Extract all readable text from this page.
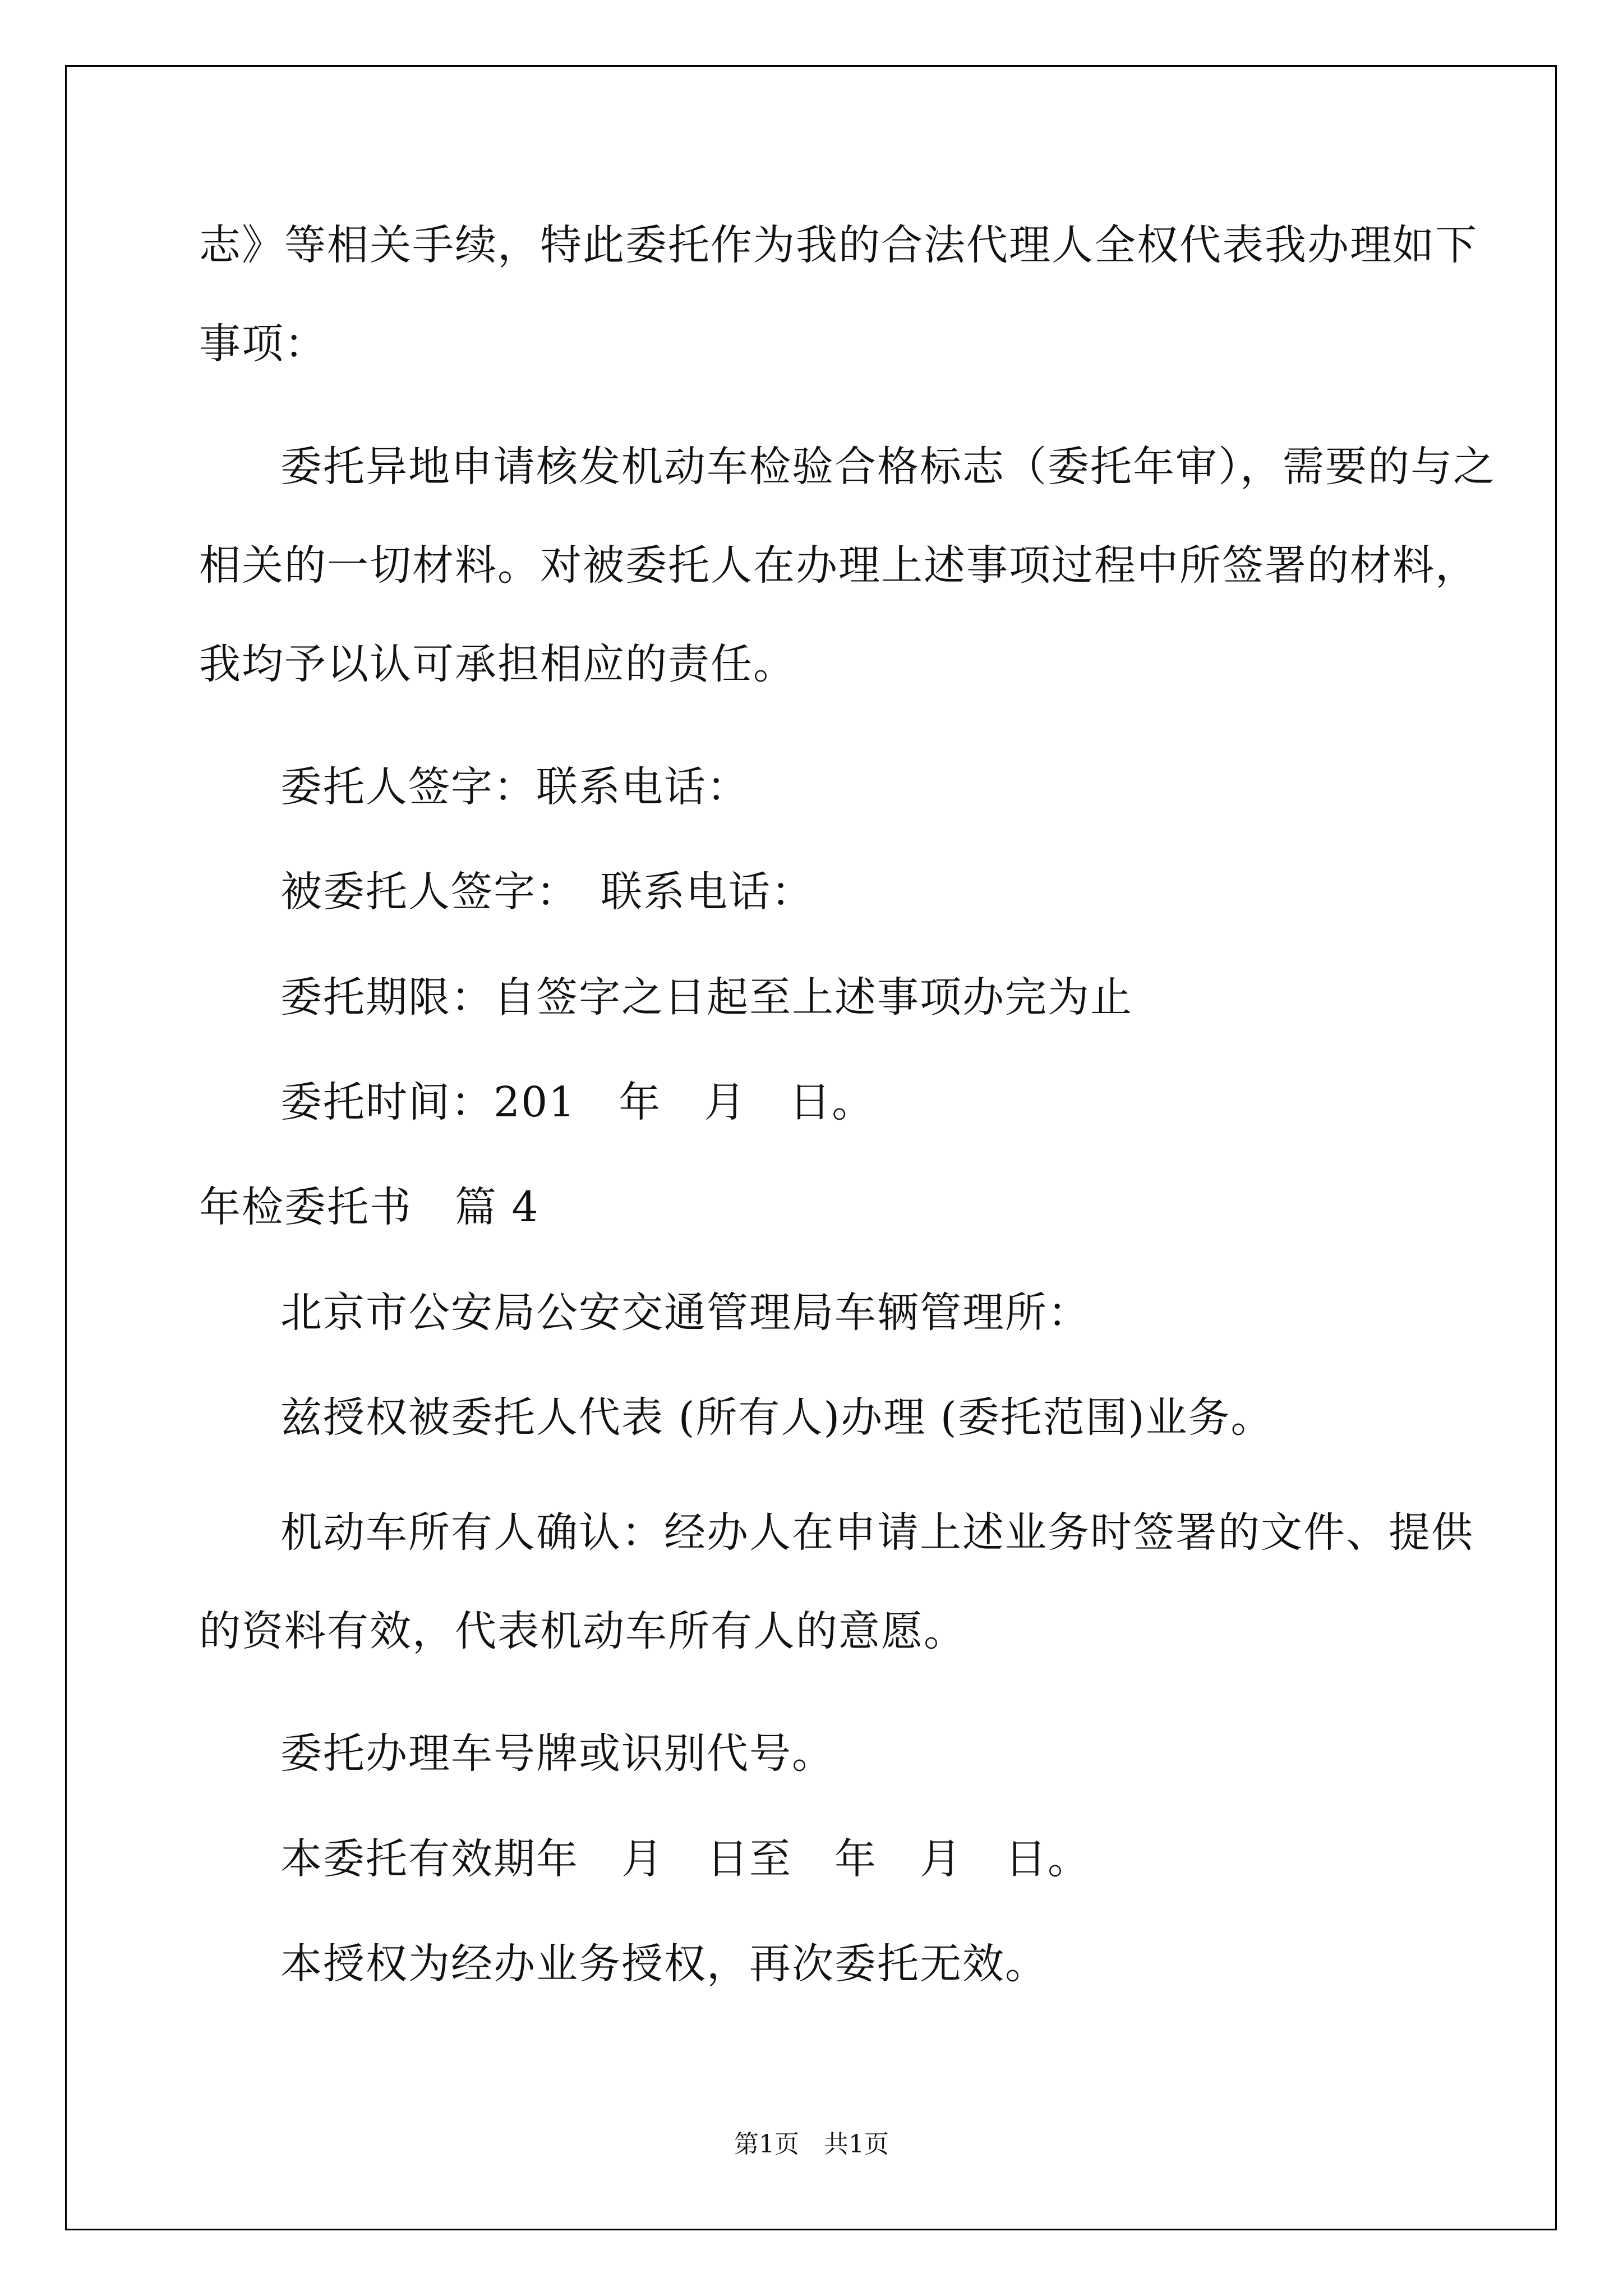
志》等相关手续，特此委托作为我的合法代理人全权代表我办理如下

事项：

委托异地申请核发机动车检验合格标志（委托年审），需要的与之

相关的一切材料。对被委托人在办理上述事项过程中所签署的材料，

我均予以认可承担相应的责任。

委托人签字：联系电话：

被委托人签字：　联系电话：

委托期限：自签字之日起至上述事项办完为止

委托时间：201　年　月　日。

年检委托书　篇 4

北京市公安局公安交通管理局车辆管理所：

兹授权被委托人代表 (所有人)办理 (委托范围)业务。

机动车所有人确认：经办人在申请上述业务时签署的文件、提供

的资料有效，代表机动车所有人的意愿。

委托办理车号牌或识别代号。

本委托有效期年　月　日至　年　月　日。

本授权为经办业务授权，再次委托无效。

第1页　共1页
